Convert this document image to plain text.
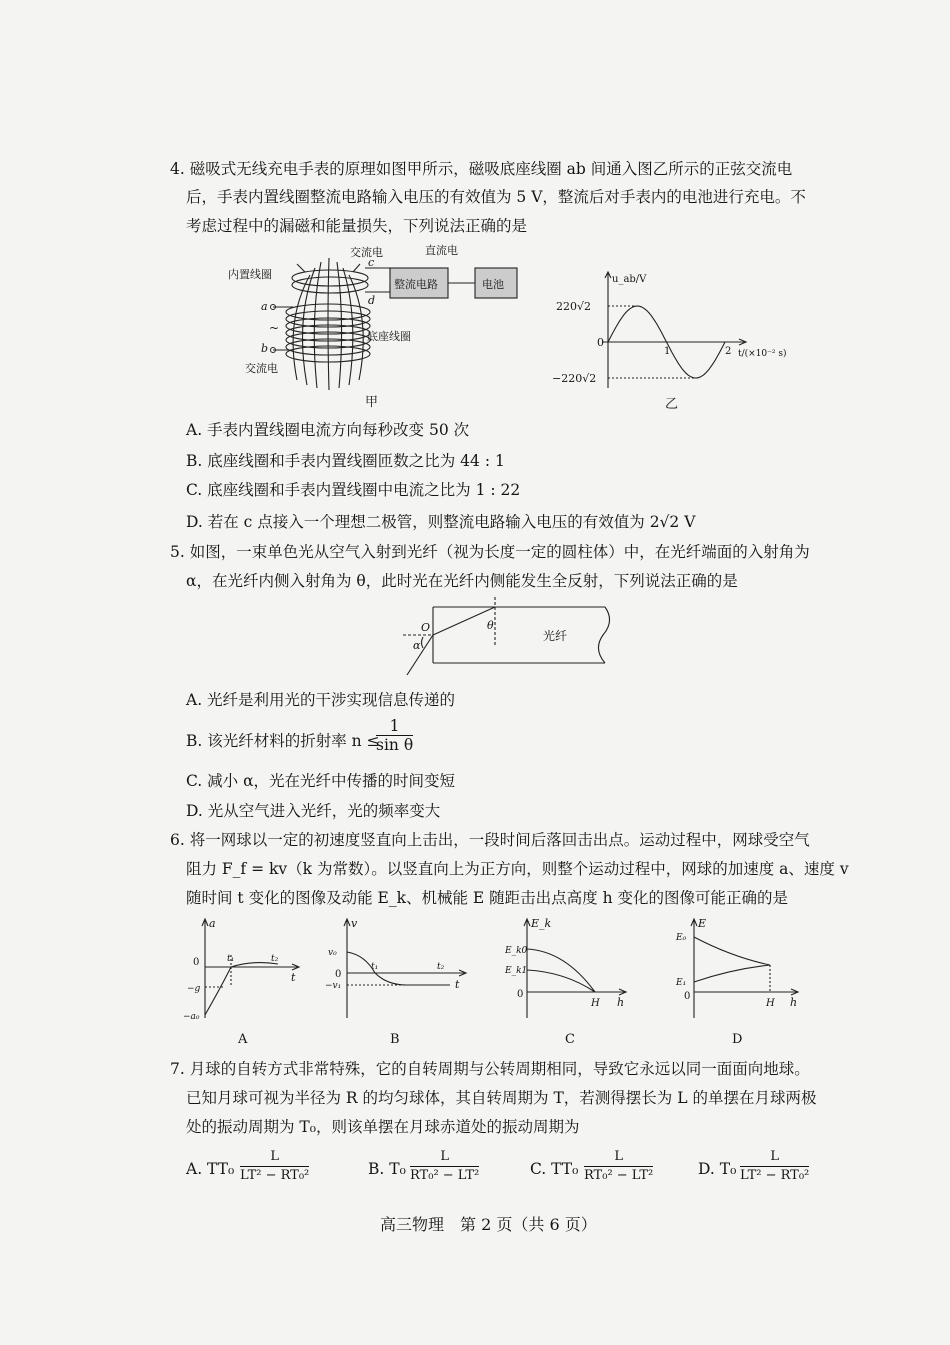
4. 磁吸式无线充电手表的原理如图甲所示，磁吸底座线圈 ab 间通入图乙所示的正弦交流电
后，手表内置线圈整流电路输入电压的有效值为 5 V，整流后对手表内的电池进行充电。不
考虑过程中的漏磁和能量损失，下列说法正确的是
内置线圈
交流电	直流电
整流电路	电池
底座线圈
交流电
a
b
c
d
~
甲
u_ab/V
220√2
−220√2
0
1	2 t/(×10⁻² s)
乙
A. 手表内置线圈电流方向每秒改变 50 次
B. 底座线圈和手表内置线圈匝数之比为 44 : 1
C. 底座线圈和手表内置线圈中电流之比为 1 : 22
D. 若在 c 点接入一个理想二极管，则整流电路输入电压的有效值为 2√2 V
5. 如图，一束单色光从空气入射到光纤（视为长度一定的圆柱体）中，在光纤端面的入射角为
α，在光纤内侧入射角为 θ，此时光在光纤内侧能发生全反射，下列说法正确的是
O
α
θ
光纤
A. 光纤是利用光的干涉实现信息传递的
B. 该光纤材料的折射率 n ≤
$\frac{1}{\text{sin θ}}$
C. 减小 α，光在光纤中传播的时间变短
D. 光从空气进入光纤，光的频率变大
6. 将一网球以一定的初速度竖直向上击出，一段时间后落回击出点。运动过程中，网球受空气
阻力 F_f = kv（k 为常数）。以竖直向上为正方向，则整个运动过程中，网球的加速度 a、速度 v
随时间 t 变化的图像及动能 E_k、机械能 E 随距击出点高度 h 变化的图像可能正确的是
a
t
0	t₁	t₂
−g
−a₀
A
v
t
0
v₀
−v₁
t₁	t₂
B
E_k
h
0
E_k0
E_k1
H
C
E
h
0
E₀
E₁
H
D
7. 月球的自转方式非常特殊，它的自转周期与公转周期相同，导致它永远以同一面面向地球。
已知月球可视为半径为 R 的均匀球体，其自转周期为 T，若测得摆长为 L 的单摆在月球两极
处的振动周期为 T₀，则该单摆在月球赤道处的振动周期为
A. $TT_0 \frac{L}{\text{LT² − RT₀²}}$	B. $T_0 \frac{L}{\text{RT₀² − LT²}}$	C. $TT_0 \frac{L}{\text{RT₀² − LT²}}$	D. $T_0 \frac{L}{\text{LT² − RT₀²}}$
高三物理　第 2 页（共 6 页）
